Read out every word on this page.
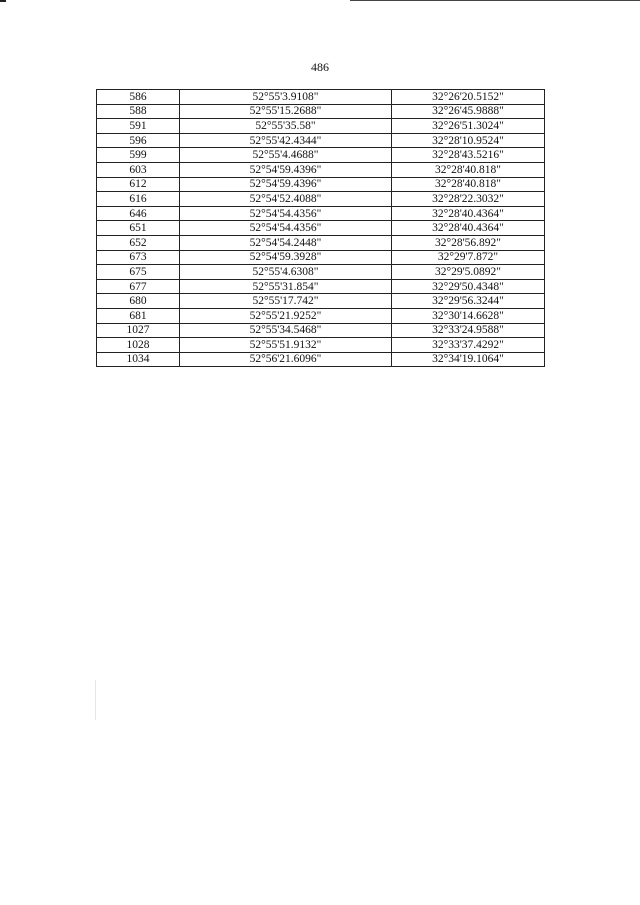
486
586	52°55'3.9108"	32°26'20.5152"
588	52°55'15.2688"	32°26'45.9888"
591	52°55'35.58"	32°26'51.3024"
596	52°55'42.4344"	32°28'10.9524"
599	52°55'4.4688"	32°28'43.5216"
603	52°54'59.4396"	32°28'40.818"
612	52°54'59.4396"	32°28'40.818"
616	52°54'52.4088"	32°28'22.3032"
646	52°54'54.4356"	32°28'40.4364"
651	52°54'54.4356"	32°28'40.4364"
652	52°54'54.2448"	32°28'56.892"
673	52°54'59.3928"	32°29'7.872"
675	52°55'4.6308"	32°29'5.0892"
677	52°55'31.854"	32°29'50.4348"
680	52°55'17.742"	32°29'56.3244"
681	52°55'21.9252"	32°30'14.6628"
1027	52°55'34.5468"	32°33'24.9588"
1028	52°55'51.9132"	32°33'37.4292"
1034	52°56'21.6096"	32°34'19.1064"
